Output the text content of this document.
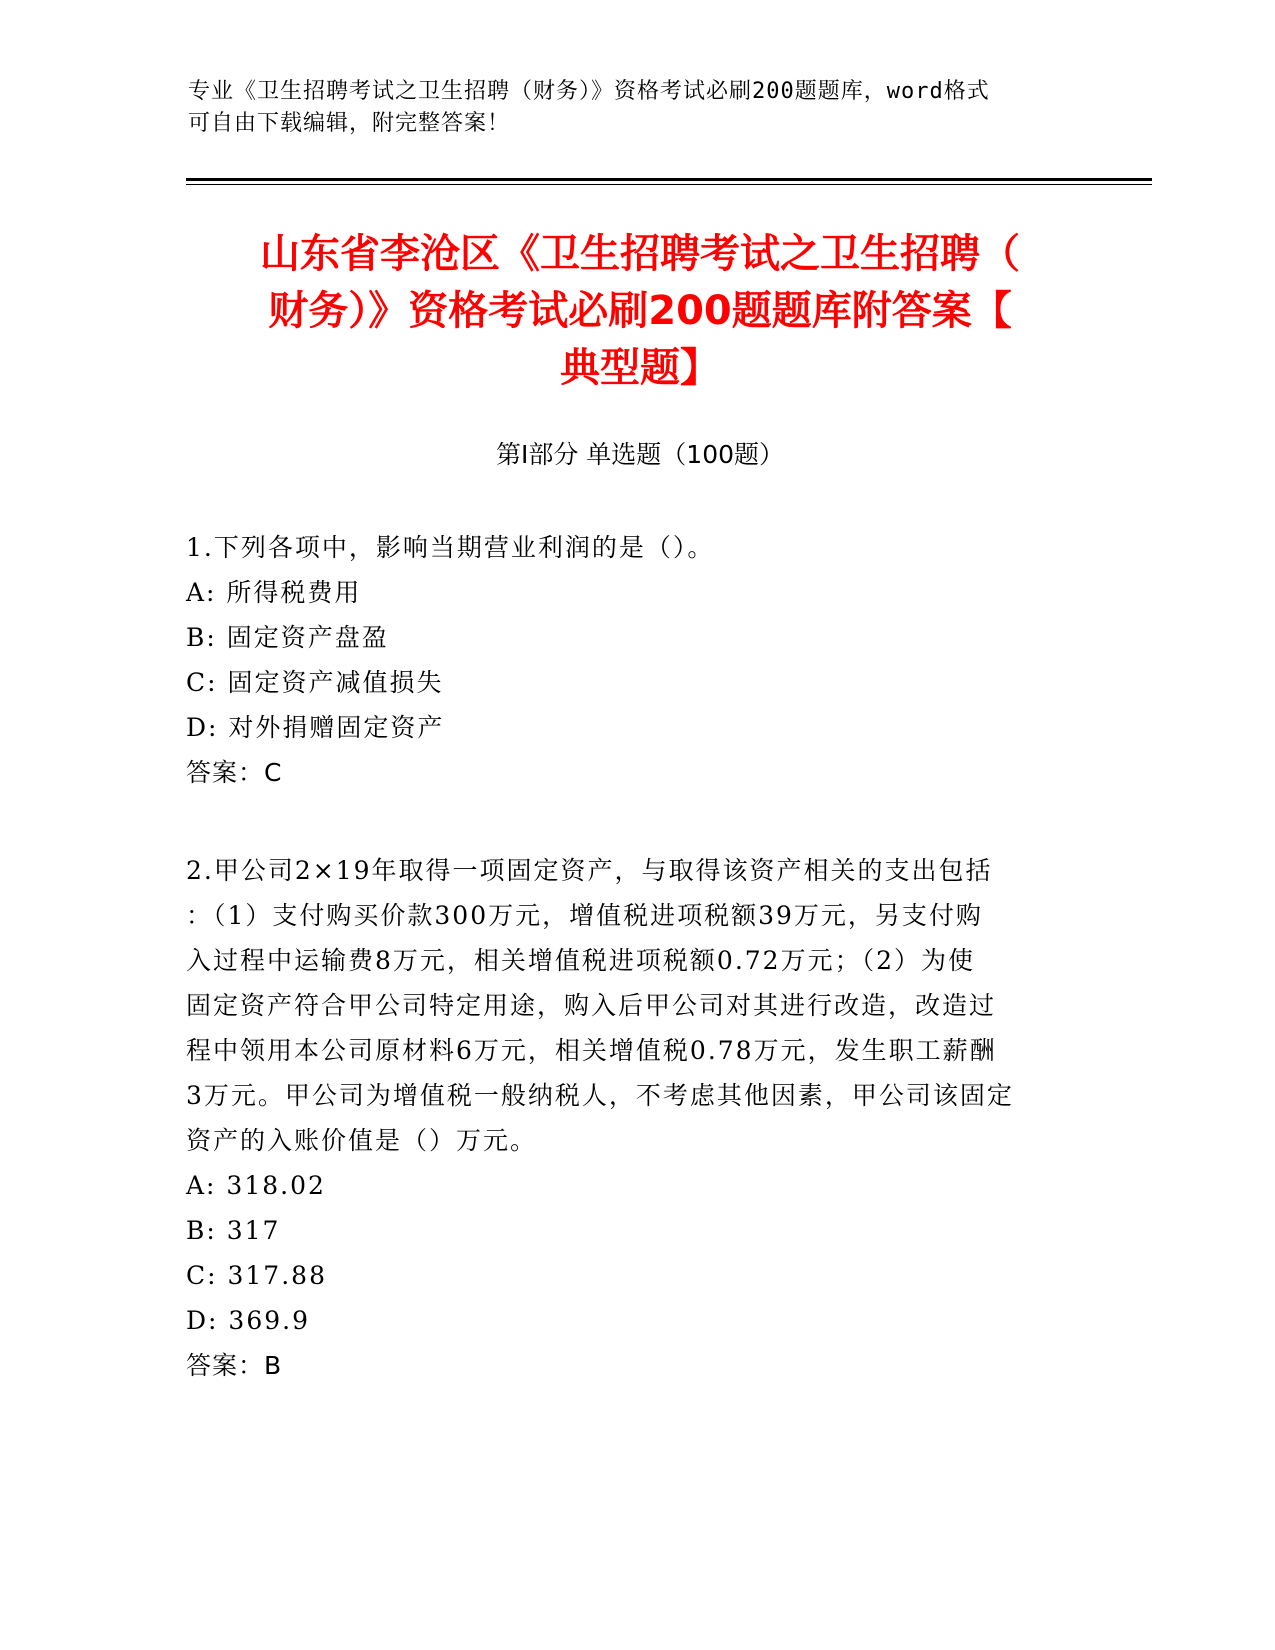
专业《卫生招聘考试之卫生招聘（财务）》资格考试必刷200题题库，word格式
可自由下载编辑，附完整答案！
山东省李沧区《卫生招聘考试之卫生招聘（
财务）》资格考试必刷200题题库附答案【
典型题】
第I部分 单选题（100题）
1.下列各项中，影响当期营业利润的是（）。
A: 所得税费用
B: 固定资产盘盈
C: 固定资产减值损失
D: 对外捐赠固定资产
答案：C
2.甲公司2×19年取得一项固定资产，与取得该资产相关的支出包括
：（1）支付购买价款300万元，增值税进项税额39万元，另支付购
入过程中运输费8万元，相关增值税进项税额0.72万元；（2）为使
固定资产符合甲公司特定用途，购入后甲公司对其进行改造，改造过
程中领用本公司原材料6万元，相关增值税0.78万元，发生职工薪酬
3万元。甲公司为增值税一般纳税人，不考虑其他因素，甲公司该固定
资产的入账价值是（）万元。
A: 318.02
B: 317
C: 317.88
D: 369.9
答案：B
